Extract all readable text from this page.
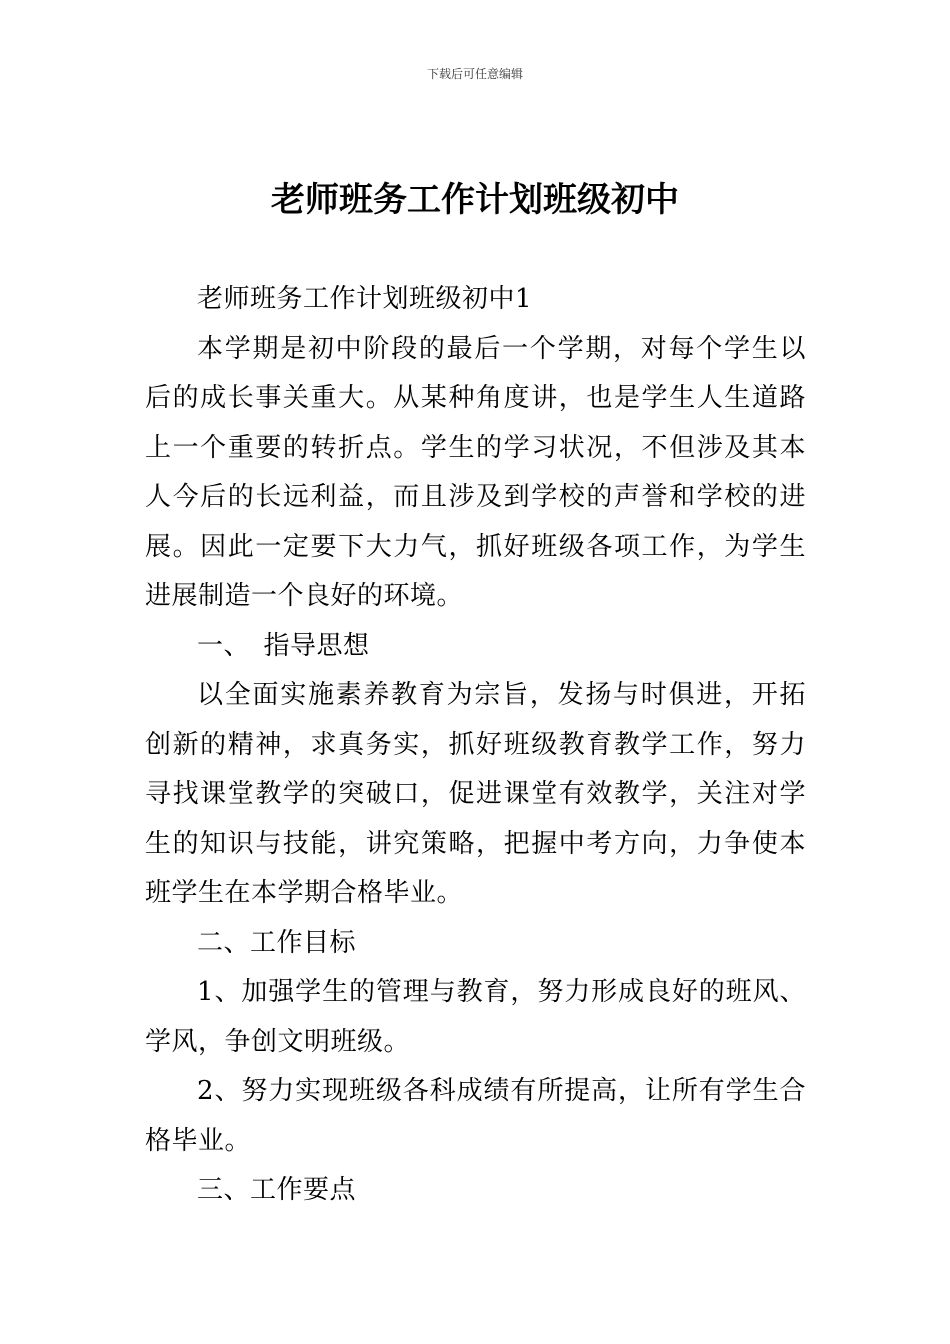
下载后可任意编辑
老师班务工作计划班级初中

老师班务工作计划班级初中1

本学期是初中阶段的最后一个学期，对每个学生以后的成长事关重大。从某种角度讲，也是学生人生道路上一个重要的转折点。学生的学习状况，不但涉及其本人今后的长远利益，而且涉及到学校的声誉和学校的进展。因此一定要下大力气，抓好班级各项工作，为学生进展制造一个良好的环境。

一、　指导思想

以全面实施素养教育为宗旨，发扬与时俱进，开拓创新的精神，求真务实，抓好班级教育教学工作，努力寻找课堂教学的突破口，促进课堂有效教学，关注对学生的知识与技能，讲究策略，把握中考方向，力争使本班学生在本学期合格毕业。

二、工作目标

1、加强学生的管理与教育，努力形成良好的班风、学风，争创文明班级。

2、努力实现班级各科成绩有所提高，让所有学生合格毕业。

三、工作要点
